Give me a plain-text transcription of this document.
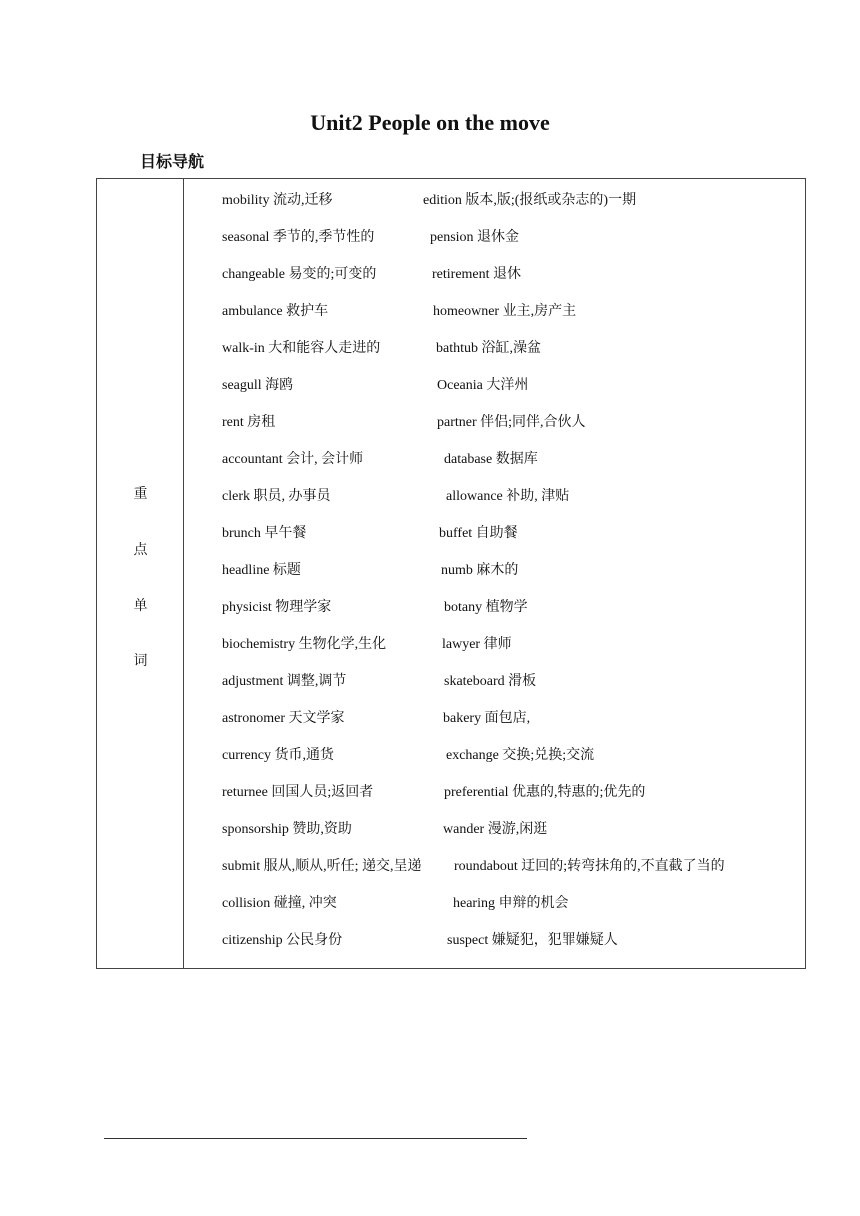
Unit2 People on the move
目标导航
重
点
单
词
mobility 流动,迁移	edition 版本,版;(报纸或杂志的)一期
seasonal 季节的,季节性的	pension 退休金
changeable 易变的;可变的	retirement 退休
ambulance 救护车	homeowner 业主,房产主
walk-in 大和能容人走进的	bathtub 浴缸,澡盆
seagull 海鸥	Oceania 大洋州
rent 房租	partner 伴侣;同伴,合伙人
accountant 会计, 会计师	database 数据库
clerk 职员, 办事员	allowance 补助, 津贴
brunch 早午餐	buffet 自助餐
headline 标题	numb 麻木的
physicist 物理学家	botany 植物学
biochemistry 生物化学,生化	lawyer 律师
adjustment 调整,调节	skateboard 滑板
astronomer 天文学家	bakery 面包店,
currency 货币,通货	exchange 交换;兑换;交流
returnee 回国人员;返回者	preferential 优惠的,特惠的;优先的
sponsorship 赞助,资助	wander 漫游,闲逛
submit 服从,顺从,听任; 递交,呈递 roundabout 迂回的;转弯抹角的,不直截了当的
collision 碰撞, 冲突	hearing 申辩的机会
citizenship 公民身份	suspect 嫌疑犯，犯罪嫌疑人
